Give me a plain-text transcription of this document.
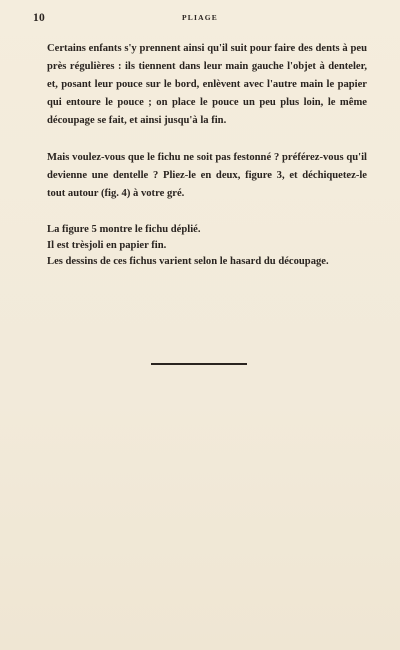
10	PLIAGE

Certains enfants s'y prennent ainsi qu'il suit pour faire des dents à peu près régulières : ils tiennent dans leur main gauche l'objet à denteler, et, posant leur pouce sur le bord, enlèvent avec l'autre main le papier qui entoure le pouce ; on place le pouce un peu plus loin, le même découpage se fait, et ainsi jusqu'à la fin.

Mais voulez-vous que le fichu ne soit pas festonné ? préférez-vous qu'il devienne une dentelle ? Pliez-le en deux, figure 3, et déchiquetez-le tout autour (fig. 4) à votre gré.

La figure 5 montre le fichu déplié.
Il est trèsjoli en papier fin.
Les dessins de ces fichus varient selon le hasard du découpage.
